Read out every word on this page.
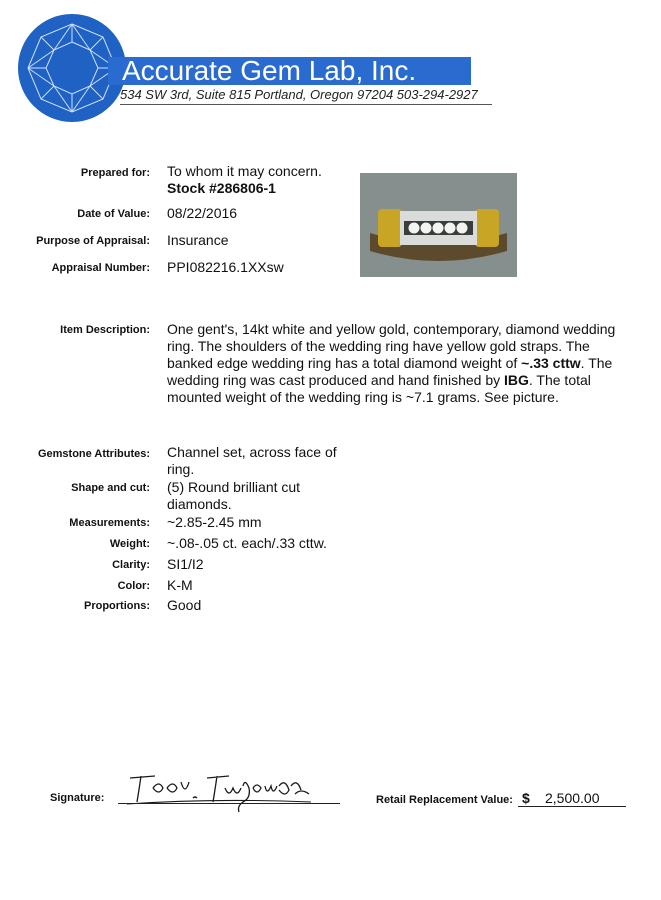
Accurate Gem Lab, Inc.
534 SW 3rd, Suite 815 Portland, Oregon 97204 503-294-2927
Prepared for: To whom it may concern.
Stock #286806-1
Date of Value: 08/22/2016
Purpose of Appraisal: Insurance
Appraisal Number: PPI082216.1XXsw
Item Description: One gent's, 14kt white and yellow gold, contemporary, diamond wedding ring. The shoulders of the wedding ring have yellow gold straps. The banked edge wedding ring has a total diamond weight of ~.33 cttw. The wedding ring was cast produced and hand finished by IBG. The total mounted weight of the wedding ring is ~7.1 grams. See picture.
Gemstone Attributes: Channel set, across face of ring.
Shape and cut: (5) Round brilliant cut diamonds.
Measurements: ~2.85-2.45 mm
Weight: ~.08-.05 ct. each/.33 cttw.
Clarity: SI1/I2
Color: K-M
Proportions: Good
Signature:
Teresa V. Wollmann GG
Retail Replacement Value: $ 2,500.00
